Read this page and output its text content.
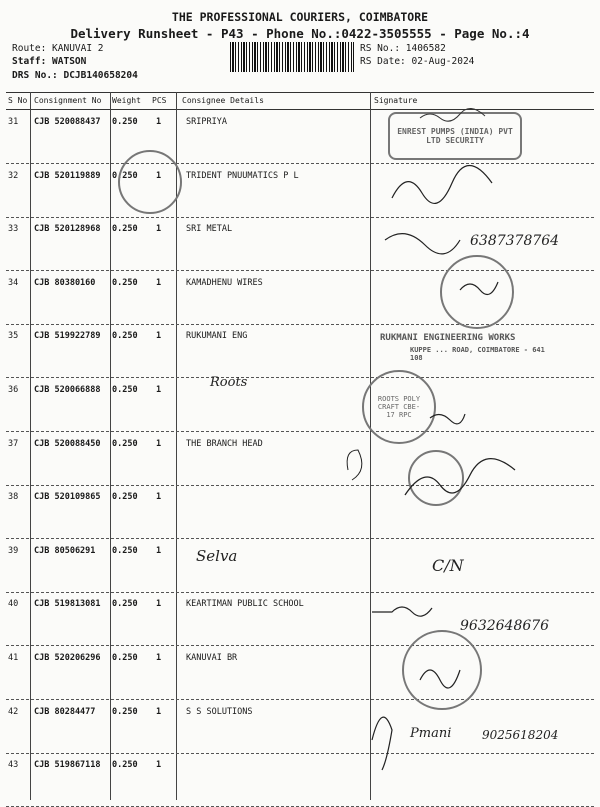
THE PROFESSIONAL COURIERS, COIMBATORE
Delivery Runsheet - P43 - Phone No.:0422-3505555 - Page No.:4
Route: KANUVAI 2
Staff: WATSON
DRS No.: DCJB140658204
RS No.: 1406582
RS Date: 02-Aug-2024
S No Consignment No Weight PCS Consignee Details	Signature
31 CJB 520088437 0.250 1	SRIPRIYA
32 CJB 520119889 0.250 1	TRIDENT PNUUMATICS P L
33 CJB 520128968 0.250 1	SRI METAL
34 CJB 80380160 0.250 1	KAMADHENU WIRES
35 CJB 519922789 0.250 1	RUKUMANI ENG
36 CJB 520066888 0.250 1
37 CJB 520088450 0.250 1	THE BRANCH HEAD
38 CJB 520109865 0.250 1
39 CJB 80506291 0.250 1
40 CJB 519813081 0.250 1	KEARTIMAN PUBLIC SCHOOL
41 CJB 520206296 0.250 1	KANUVAI BR
42 CJB 80284477 0.250 1	S S SOLUTIONS
43 CJB 519867118 0.250 1
ENREST PUMPS (INDIA) PVT LTD SECURITY
RUKMANI ENGINEERING WORKS
KUPPE ... ROAD, COIMBATORE - 641 108
ROOTS POLY CRAFT CBE-17 RPC
Roots
Selva
6387378764
9632648676
Pmani	9025618204
C/N
